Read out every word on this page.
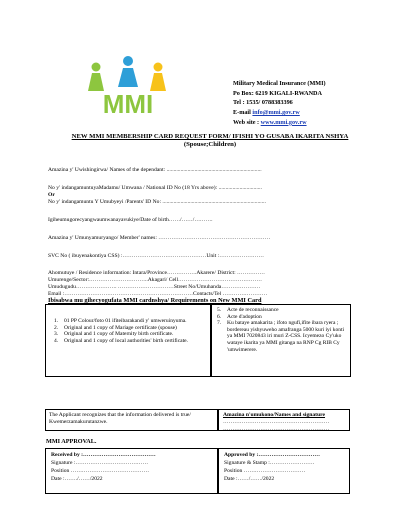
MMI
Military Medical Insurance (MMI)
Po Box: 6219 KIGALI-RWANDA
Tel : 1535/ 0788383396
E-mail info@mmi.gov.rw
Web site : www.mmi.gov.rw
NEW MMI MEMBERSHIP CARD REQUEST FORM/ IFISHI YO GUSABA IKARITA NSHYA
(Spouse;Children)
Amazina y' Uwishingirwa/ Names of the dependant: ....................................................................
No y' indangamuntuyaMadamu/ Umwana / National ID No (18 Yrs above): ...............................
Or
No y' indangamuntu Y Umubyeyi /Parents' ID No: ..........................................................................
Igiheumugorecyangwaumwanayavukiye/Date of birth……/……/……….
Amazina y' Umunyamuryango/ Member' names: ……………………………………………………
SVC No ( ibuyenakontiya CSS) :………………………………………Unit :……………………
Ahomutuye / Residence information: Intara/Province…………….Akarere/ District: ……………
Umurenge/Sector:…………………………..Akagari/ Cell………………………………………
Umudugudu…………………. …………………………Street No/Umuhanda…………………
Email :……………………………………………………………Contacts/Tel ……………………
Ibisabwa mu gihecyogufata MMI cardnshya/ Requirements on New MMI Card
1.	01 PP Colour/foto 01 ifiteibarakandi y' umweruinyuma.
2.	Original and 1 copy of Mariage certificate (spouse)
3.	Original and 1 copy of Maternity birth certificate.
4.	Original and 1 copy of local authorities' birth certificate.
5.	Acte de reconnaissance
6.	Acte d'adoption
7.	Ku bataye amakarita ; ifoto ngufi,ifite ibara ryera ; bordereau yishyuweho amafranga 5000 kuri iyi konti ya MMI 7020843 iri muri Z-CSS. Icyemezo Cy'uko wataye ikarita ya MMI gitanga na RNP Cg RIB Cy 'umwimerere.
The Applicant recognizes that the information delivered is true/ Kwemerzamakurutanzwe.
Amazina n'umukono/Names and signature
…………………………………………………
…………………………………………………
MMI APPROVAL.
Received by :…………………………………
Signature :…………………………………
Position ……………………………………
Date :……./……/2022
Approved by :……………………………
Signature & Stamp :……………………
Position ……………………………
Date :……/……/2022
